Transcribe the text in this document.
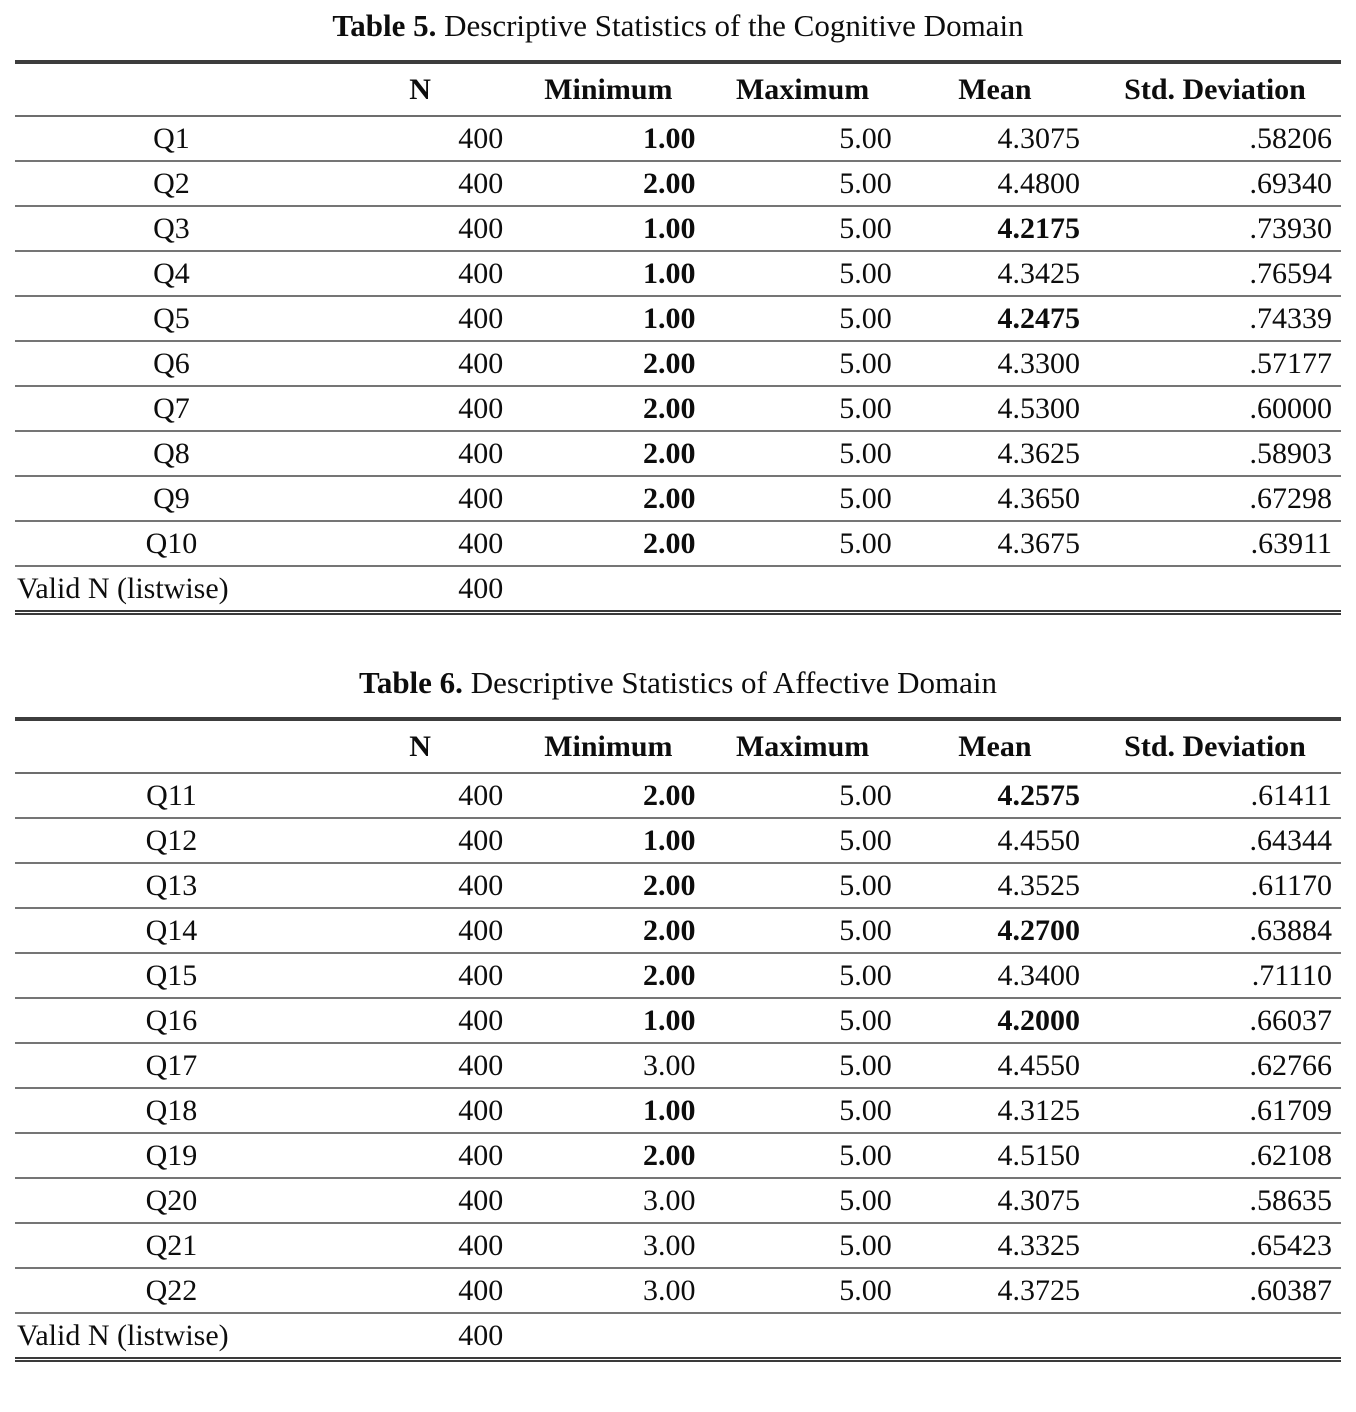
Table 5. Descriptive Statistics of the Cognitive Domain
	N	Minimum	Maximum	Mean	Std. Deviation
Q1	400	1.00	5.00	4.3075	.58206
Q2	400	2.00	5.00	4.4800	.69340
Q3	400	1.00	5.00	4.2175	.73930
Q4	400	1.00	5.00	4.3425	.76594
Q5	400	1.00	5.00	4.2475	.74339
Q6	400	2.00	5.00	4.3300	.57177
Q7	400	2.00	5.00	4.5300	.60000
Q8	400	2.00	5.00	4.3625	.58903
Q9	400	2.00	5.00	4.3650	.67298
Q10	400	2.00	5.00	4.3675	.63911
Valid N (listwise)	400				
Table 6. Descriptive Statistics of Affective Domain
	N	Minimum	Maximum	Mean	Std. Deviation
Q11	400	2.00	5.00	4.2575	.61411
Q12	400	1.00	5.00	4.4550	.64344
Q13	400	2.00	5.00	4.3525	.61170
Q14	400	2.00	5.00	4.2700	.63884
Q15	400	2.00	5.00	4.3400	.71110
Q16	400	1.00	5.00	4.2000	.66037
Q17	400	3.00	5.00	4.4550	.62766
Q18	400	1.00	5.00	4.3125	.61709
Q19	400	2.00	5.00	4.5150	.62108
Q20	400	3.00	5.00	4.3075	.58635
Q21	400	3.00	5.00	4.3325	.65423
Q22	400	3.00	5.00	4.3725	.60387
Valid N (listwise)	400				
